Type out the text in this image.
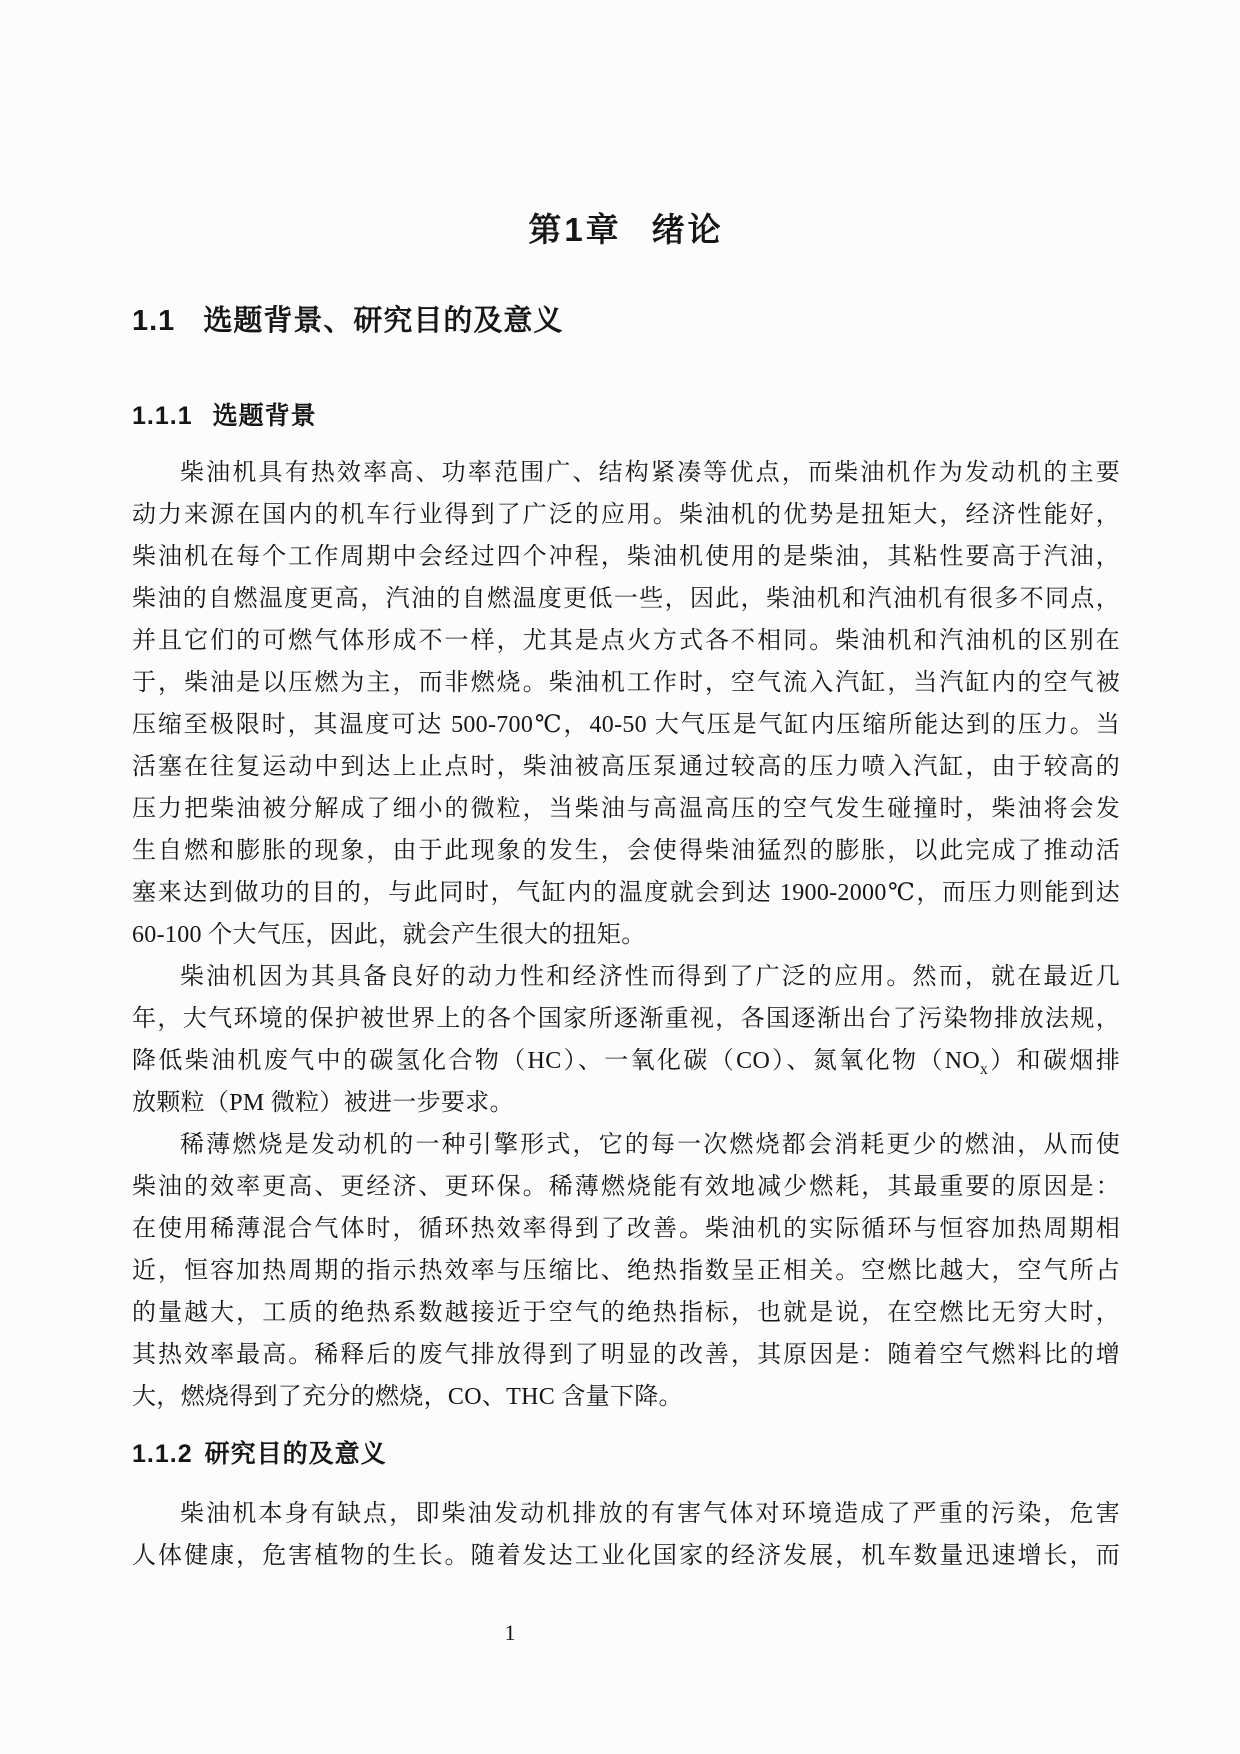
第1章 绪论
1.1 选题背景、研究目的及意义
1.1.1 选题背景
柴油机具有热效率高、功率范围广、结构紧凑等优点，而柴油机作为发动机的主要
动力来源在国内的机车行业得到了广泛的应用。柴油机的优势是扭矩大，经济性能好，
柴油机在每个工作周期中会经过四个冲程，柴油机使用的是柴油，其粘性要高于汽油，
柴油的自燃温度更高，汽油的自燃温度更低一些，因此，柴油机和汽油机有很多不同点，
并且它们的可燃气体形成不一样，尤其是点火方式各不相同。柴油机和汽油机的区别在
于，柴油是以压燃为主，而非燃烧。柴油机工作时，空气流入汽缸，当汽缸内的空气被
压缩至极限时，其温度可达 500-700℃，40-50 大气压是气缸内压缩所能达到的压力。当
活塞在往复运动中到达上止点时，柴油被高压泵通过较高的压力喷入汽缸，由于较高的
压力把柴油被分解成了细小的微粒，当柴油与高温高压的空气发生碰撞时，柴油将会发
生自燃和膨胀的现象，由于此现象的发生，会使得柴油猛烈的膨胀，以此完成了推动活
塞来达到做功的目的，与此同时，气缸内的温度就会到达 1900-2000℃，而压力则能到达
60-100 个大气压，因此，就会产生很大的扭矩。
柴油机因为其具备良好的动力性和经济性而得到了广泛的应用。然而，就在最近几
年，大气环境的保护被世界上的各个国家所逐渐重视，各国逐渐出台了污染物排放法规，
降低柴油机废气中的碳氢化合物（HC）、一氧化碳（CO）、氮氧化物$(NO_x)$和碳烟排
放颗粒（PM 微粒）被进一步要求。
稀薄燃烧是发动机的一种引擎形式，它的每一次燃烧都会消耗更少的燃油，从而使
柴油的效率更高、更经济、更环保。稀薄燃烧能有效地减少燃耗，其最重要的原因是：
在使用稀薄混合气体时，循环热效率得到了改善。柴油机的实际循环与恒容加热周期相
近，恒容加热周期的指示热效率与压缩比、绝热指数呈正相关。空燃比越大，空气所占
的量越大，工质的绝热系数越接近于空气的绝热指标，也就是说，在空燃比无穷大时，
其热效率最高。稀释后的废气排放得到了明显的改善，其原因是：随着空气燃料比的增
大，燃烧得到了充分的燃烧，CO、THC 含量下降。
1.1.2 研究目的及意义
柴油机本身有缺点，即柴油发动机排放的有害气体对环境造成了严重的污染，危害
人体健康，危害植物的生长。随着发达工业化国家的经济发展，机车数量迅速增长，而
1
